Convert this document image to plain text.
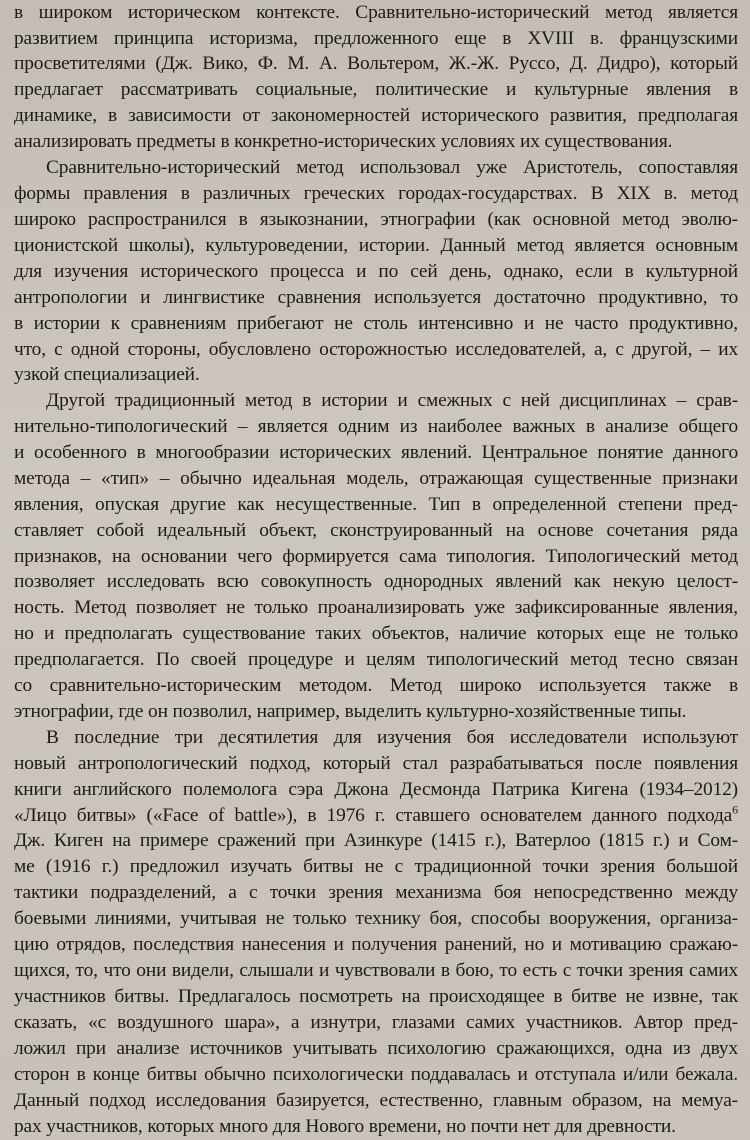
в широком историческом контексте. Сравнительно-исторический метод является
развитием принципа историзма, предложенного еще в XVIII в. французскими
просветителями (Дж. Вико, Ф. М. А. Вольтером, Ж.-Ж. Руссо, Д. Дидро), который
предлагает рассматривать социальные, политические и культурные явления в
динамике, в зависимости от закономерностей исторического развития, предполагая
анализировать предметы в конкретно-исторических условиях их существования.
Сравнительно-исторический метод использовал уже Аристотель, сопоставляя
формы правления в различных греческих городах-государствах. В XIX в. метод
широко распространился в языкознании, этнографии (как основной метод эволю-
ционистской школы), культуроведении, истории. Данный метод является основным
для изучения исторического процесса и по сей день, однако, если в культурной
антропологии и лингвистике сравнения используется достаточно продуктивно, то
в истории к сравнениям прибегают не столь интенсивно и не часто продуктивно,
что, с одной стороны, обусловлено осторожностью исследователей, а, с другой, – их
узкой специализацией.
Другой традиционный метод в истории и смежных с ней дисциплинах – срав-
нительно-типологический – является одним из наиболее важных в анализе общего
и особенного в многообразии исторических явлений. Центральное понятие данного
метода – «тип» – обычно идеальная модель, отражающая существенные признаки
явления, опуская другие как несущественные. Тип в определенной степени пред-
ставляет собой идеальный объект, сконструированный на основе сочетания ряда
признаков, на основании чего формируется сама типология. Типологический метод
позволяет исследовать всю совокупность однородных явлений как некую целост-
ность. Метод позволяет не только проанализировать уже зафиксированные явления,
но и предполагать существование таких объектов, наличие которых еще не только
предполагается. По своей процедуре и целям типологический метод тесно связан
со сравнительно-историческим методом. Метод широко используется также в
этнографии, где он позволил, например, выделить культурно-хозяйственные типы.
В последние три десятилетия для изучения боя исследователи используют
новый антропологический подход, который стал разрабатываться после появления
книги английского полемолога сэра Джона Десмонда Патрика Кигена (1934–2012)
«Лицо битвы» («Face of battle»), в 1976 г. ставшего основателем данного подхода$^6$
Дж. Киген на примере сражений при Азинкуре (1415 г.), Ватерлоо (1815 г.) и Сом-
ме (1916 г.) предложил изучать битвы не с традиционной точки зрения большой
тактики подразделений, а с точки зрения механизма боя непосредственно между
боевыми линиями, учитывая не только технику боя, способы вооружения, организа-
цию отрядов, последствия нанесения и получения ранений, но и мотивацию сражаю-
щихся, то, что они видели, слышали и чувствовали в бою, то есть с точки зрения самих
участников битвы. Предлагалось посмотреть на происходящее в битве не извне, так
сказать, «с воздушного шара», а изнутри, глазами самих участников. Автор пред-
ложил при анализе источников учитывать психологию сражающихся, одна из двух
сторон в конце битвы обычно психологически поддавалась и отступала и/или бежала.
Данный подход исследования базируется, естественно, главным образом, на мемуа-
рах участников, которых много для Нового времени, но почти нет для древности.
